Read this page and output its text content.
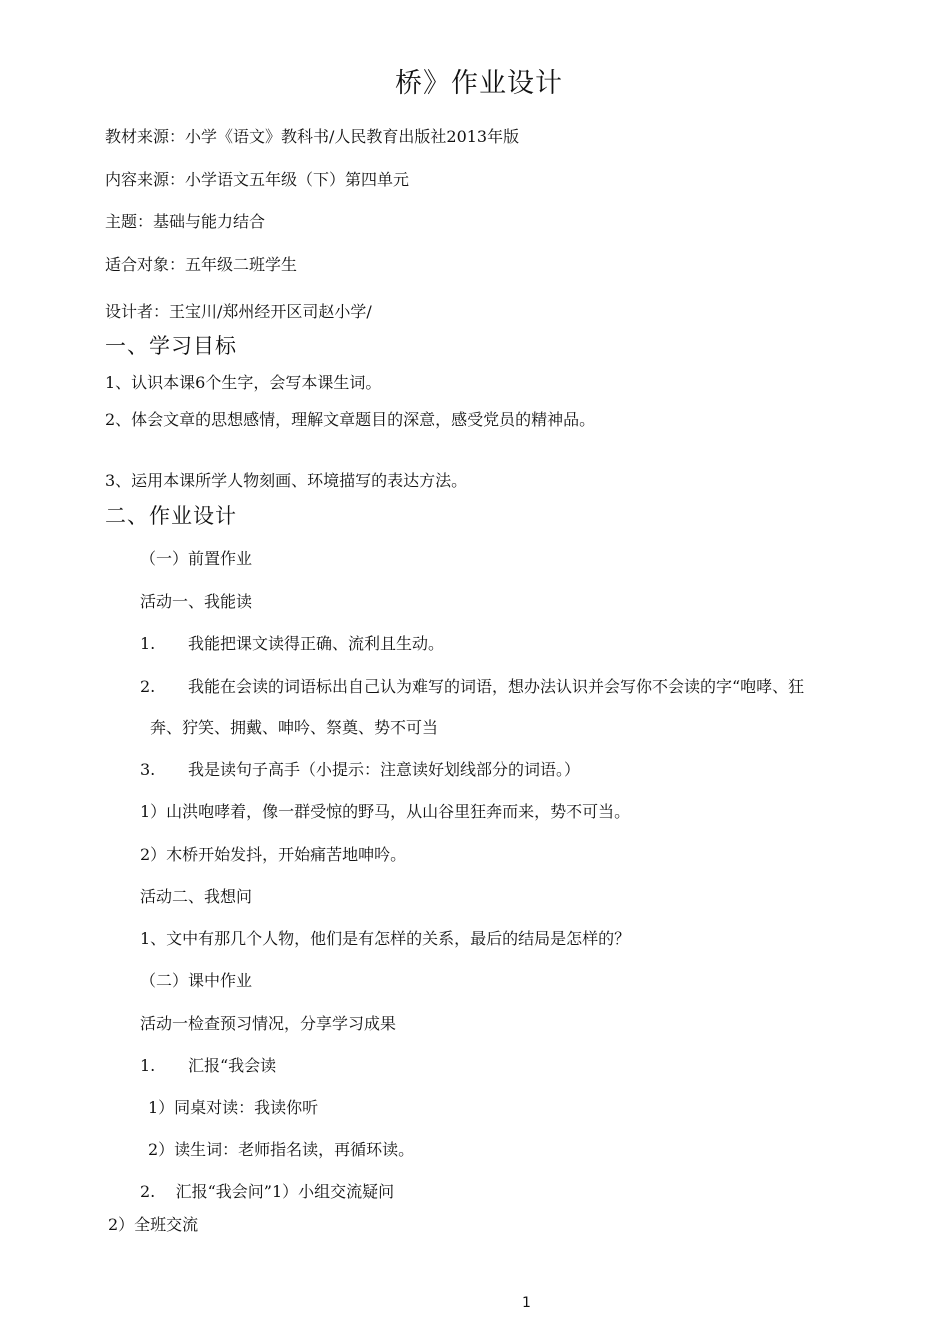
桥》作业设计
教材来源：小学《语文》教科书/人民教育出版社2013年版
内容来源：小学语文五年级（下）第四单元
主题：基础与能力结合
适合对象：五年级二班学生
设计者：王宝川/郑州经开区司赵小学/
一、学习目标
1、认识本课6个生字，会写本课生词。
2、体会文章的思想感情，理解文章题目的深意，感受党员的精神品。
3、运用本课所学人物刻画、环境描写的表达方法。
二、作业设计
（一）前置作业
活动一、我能读
1. 我能把课文读得正确、流利且生动。
2. 我能在会读的词语标出自己认为难写的词语，想办法认识并会写你不会读的字“咆哮、狂
奔、狞笑、拥戴、呻吟、祭奠、势不可当
3. 我是读句子高手（小提示：注意读好划线部分的词语。）
1）山洪咆哮着，像一群受惊的野马，从山谷里狂奔而来，势不可当。
2）木桥开始发抖，开始痛苦地呻吟。
活动二、我想问
1、文中有那几个人物，他们是有怎样的关系，最后的结局是怎样的？
（二）课中作业
活动一检查预习情况，分享学习成果
1. 汇报“我会读
1）同桌对读：我读你听
2）读生词：老师指名读，再循环读。
2.    汇报“我会问”1）小组交流疑问
2）全班交流
1
